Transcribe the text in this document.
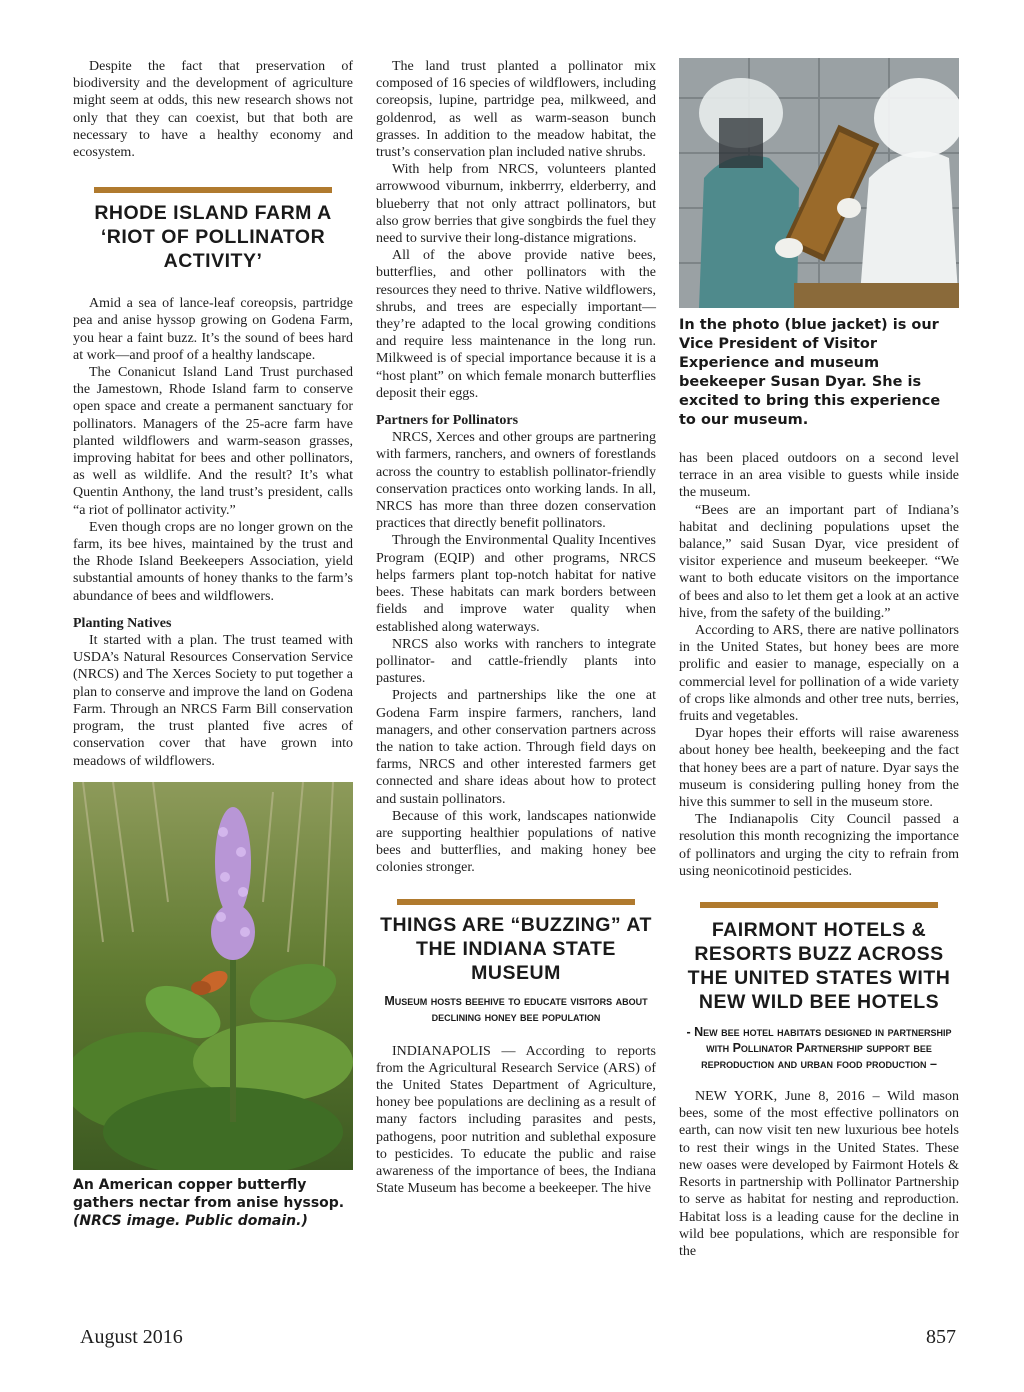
Despite the fact that preservation of biodiversity and the development of agriculture might seem at odds, this new research shows not only that they can coexist, but that both are necessary to have a healthy economy and ecosystem.

RHODE ISLAND FARM A ‘RIOT OF POLLINATOR ACTIVITY’

Amid a sea of lance-leaf coreopsis, partridge pea and anise hyssop growing on Godena Farm, you hear a faint buzz. It’s the sound of bees hard at work—and proof of a healthy landscape.

The Conanicut Island Land Trust purchased the Jamestown, Rhode Island farm to conserve open space and create a permanent sanctuary for pollinators. Managers of the 25-acre farm have planted wildflowers and warm-season grasses, improving habitat for bees and other pollinators, as well as wildlife. And the result? It’s what Quentin Anthony, the land trust’s president, calls “a riot of pollinator activity.”

Even though crops are no longer grown on the farm, its bee hives, maintained by the trust and the Rhode Island Beekeepers Association, yield substantial amounts of honey thanks to the farm’s abundance of bees and wildflowers.

Planting Natives

It started with a plan. The trust teamed with USDA’s Natural Resources Conservation Service (NRCS) and The Xerces Society to put together a plan to conserve and improve the land on Godena Farm. Through an NRCS Farm Bill conservation program, the trust planted five acres of conservation cover that have grown into meadows of wildflowers.

An American copper butterfly gathers nectar from anise hyssop. (NRCS image. Public domain.)

The land trust planted a pollinator mix composed of 16 species of wildflowers, including coreopsis, lupine, partridge pea, milkweed, and goldenrod, as well as warm-season bunch grasses. In addition to the meadow habitat, the trust’s conservation plan included native shrubs.

With help from NRCS, volunteers planted arrowwood viburnum, inkberrry, elderberry, and blueberry that not only attract pollinators, but also grow berries that give songbirds the fuel they need to survive their long-distance migrations.

All of the above provide native bees, butterflies, and other pollinators with the resources they need to thrive. Native wildflowers, shrubs, and trees are especially important—they’re adapted to the local growing conditions and require less maintenance in the long run. Milkweed is of special importance because it is a “host plant” on which female monarch butterflies deposit their eggs.

Partners for Pollinators

NRCS, Xerces and other groups are partnering with farmers, ranchers, and owners of forestlands across the country to establish pollinator-friendly conservation practices onto working lands. In all, NRCS has more than three dozen conservation practices that directly benefit pollinators.

Through the Environmental Quality Incentives Program (EQIP) and other programs, NRCS helps farmers plant top-notch habitat for native bees. These habitats can mark borders between fields and improve water quality when established along waterways.

NRCS also works with ranchers to integrate pollinator- and cattle-friendly plants into pastures.

Projects and partnerships like the one at Godena Farm inspire farmers, ranchers, land managers, and other conservation partners across the nation to take action. Through field days on farms, NRCS and other interested farmers get connected and share ideas about how to protect and sustain pollinators.

Because of this work, landscapes nationwide are supporting healthier populations of native bees and butterflies, and making honey bee colonies stronger.

THINGS ARE “BUZZING” AT THE INDIANA STATE MUSEUM
Museum hosts beehive to educate visitors about declining honey bee population

INDIANAPOLIS — According to reports from the Agricultural Research Service (ARS) of the United States Department of Agriculture, honey bee populations are declining as a result of many factors including parasites and pests, pathogens, poor nutrition and sublethal exposure to pesticides. To educate the public and raise awareness of the importance of bees, the Indiana State Museum has become a beekeeper. The hive

In the photo (blue jacket) is our Vice President of Visitor Experience and museum beekeeper Susan Dyar. She is excited to bring this experience to our museum.

has been placed outdoors on a second level terrace in an area visible to guests while inside the museum.

“Bees are an important part of Indiana’s habitat and declining populations upset the balance,” said Susan Dyar, vice president of visitor experience and museum beekeeper. “We want to both educate visitors on the importance of bees and also to let them get a look at an active hive, from the safety of the building.”

According to ARS, there are native pollinators in the United States, but honey bees are more prolific and easier to manage, especially on a commercial level for pollination of a wide variety of crops like almonds and other tree nuts, berries, fruits and vegetables.

Dyar hopes their efforts will raise awareness about honey bee health, beekeeping and the fact that honey bees are a part of nature. Dyar says the museum is considering pulling honey from the hive this summer to sell in the museum store.

The Indianapolis City Council passed a resolution this month recognizing the importance of pollinators and urging the city to refrain from using neonicotinoid pesticides.

FAIRMONT HOTELS & RESORTS BUZZ ACROSS THE UNITED STATES WITH NEW WILD BEE HOTELS
- New bee hotel habitats designed in partnership with Pollinator Partnership support bee reproduction and urban food production –

NEW YORK, June 8, 2016 – Wild mason bees, some of the most effective pollinators on earth, can now visit ten new luxurious bee hotels to rest their wings in the United States. These new oases were developed by Fairmont Hotels & Resorts in partnership with Pollinator Partnership to serve as habitat for nesting and reproduction. Habitat loss is a leading cause for the decline in wild bee populations, which are responsible for the

August 2016	857
